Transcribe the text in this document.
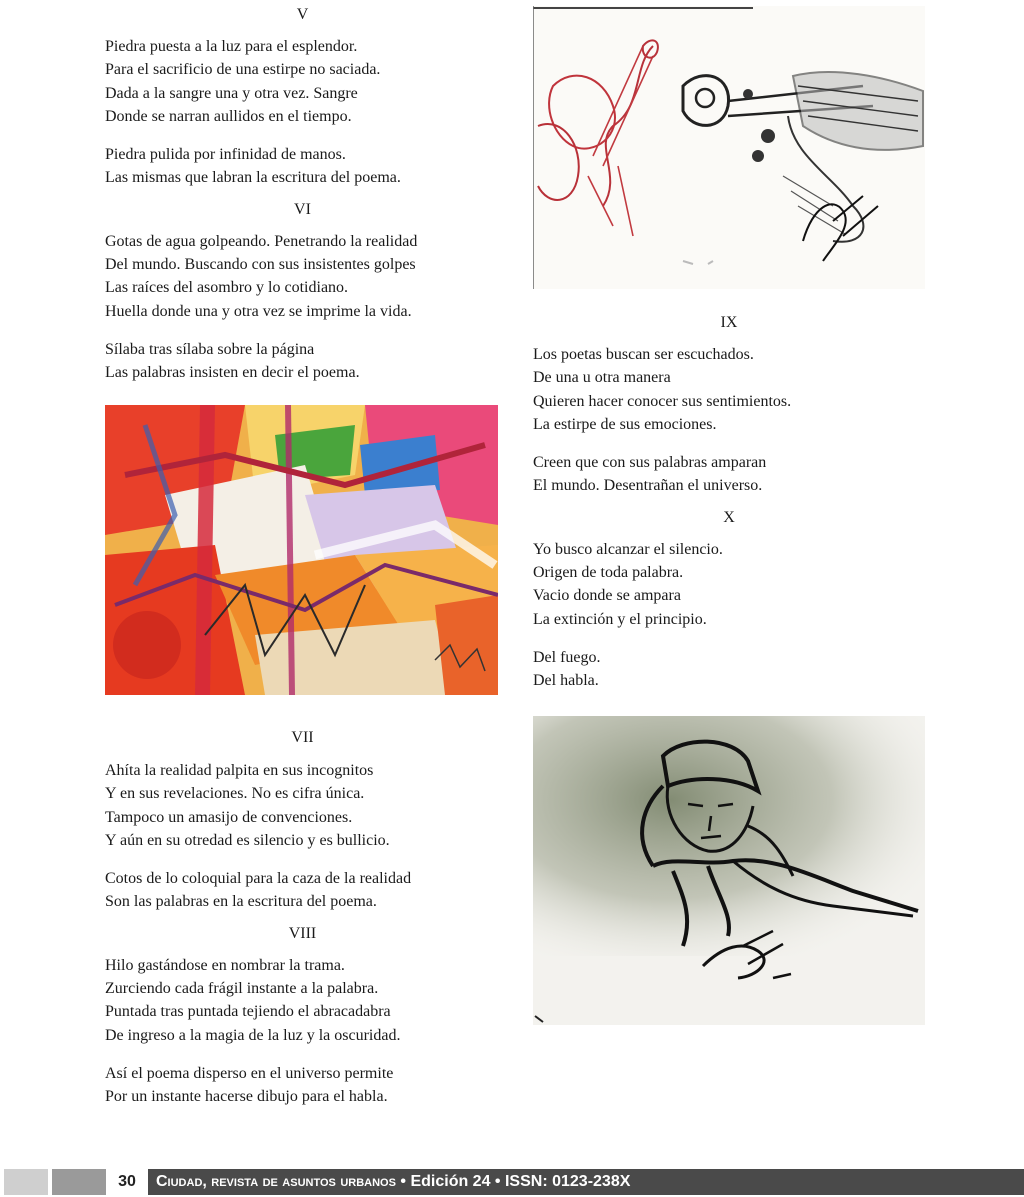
V

Piedra puesta a la luz para el esplendor.
Para el sacrificio de una estirpe no saciada.
Dada a la sangre una y otra vez. Sangre
Donde se narran aullidos en el tiempo.

Piedra pulida por infinidad de manos.
Las mismas que labran la escritura del poema.

VI

Gotas de agua golpeando. Penetrando la realidad
Del mundo. Buscando con sus insistentes golpes
Las raíces del asombro y lo cotidiano.
Huella donde una y otra vez se imprime la vida.

Sílaba tras sílaba sobre la página
Las palabras insisten en decir el poema.

VII

Ahíta la realidad palpita en sus incognitos
Y en sus revelaciones. No es cifra única.
Tampoco un amasijo de convenciones.
Y aún en su otredad es silencio y es bullicio.

Cotos de lo coloquial para la caza de la realidad
Son las palabras en la escritura del poema.

VIII

Hilo gastándose en nombrar la trama.
Zurciendo cada frágil instante a la palabra.
Puntada tras puntada tejiendo el abracadabra
De ingreso a la magia de la luz y la oscuridad.

Así el poema disperso en el universo permite
Por un instante hacerse dibujo para el habla.

IX

Los poetas buscan ser escuchados.
De una u otra manera
Quieren hacer conocer sus sentimientos.
La estirpe de sus emociones.

Creen que con sus palabras amparan
El mundo. Desentrañan el universo.

X

Yo busco alcanzar el silencio.
Origen de toda palabra.
Vacio donde se ampara
La extinción y el principio.

Del fuego.
Del habla.

30	Ciudad, revista de asuntos urbanos • Edición 24 • ISSN: 0123-238X
